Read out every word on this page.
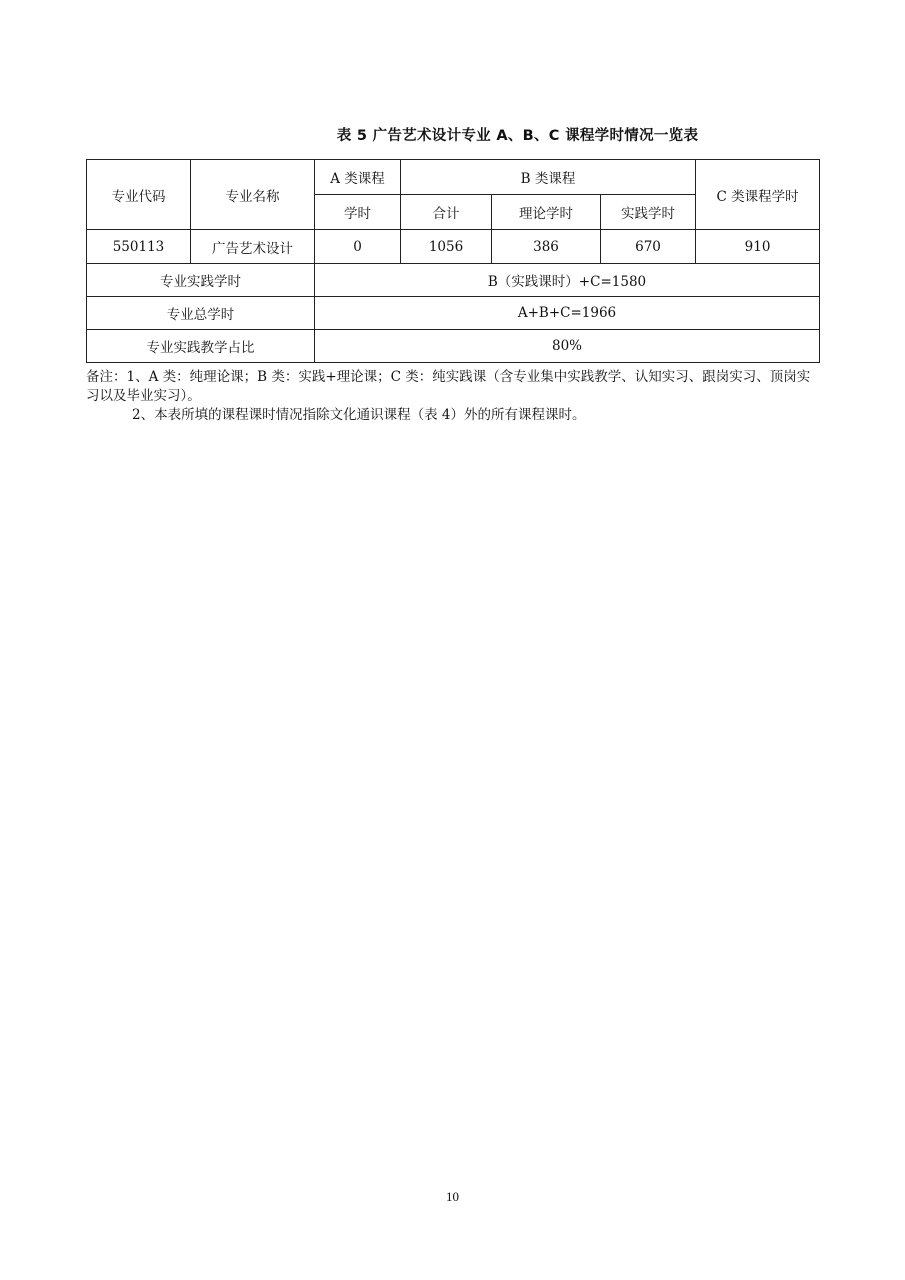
表 5 广告艺术设计专业 A、B、C 课程学时情况一览表
专业代码	专业名称	A 类课程	B 类课程			C 类课程学时
		学时	合计	理论学时	实践学时	
550113	广告艺术设计	0	1056	386	670	910
专业实践学时		B（实践课时）+C=1580				
专业总学时		A+B+C=1966				
专业实践教学占比		80%				

备注：1、A 类：纯理论课；B 类：实践+理论课；C 类：纯实践课（含专业集中实践教学、认知实习、跟岗实习、顶岗实习以及毕业实习）。

2、本表所填的课程课时情况指除文化通识课程（表 4）外的所有课程课时。

10
